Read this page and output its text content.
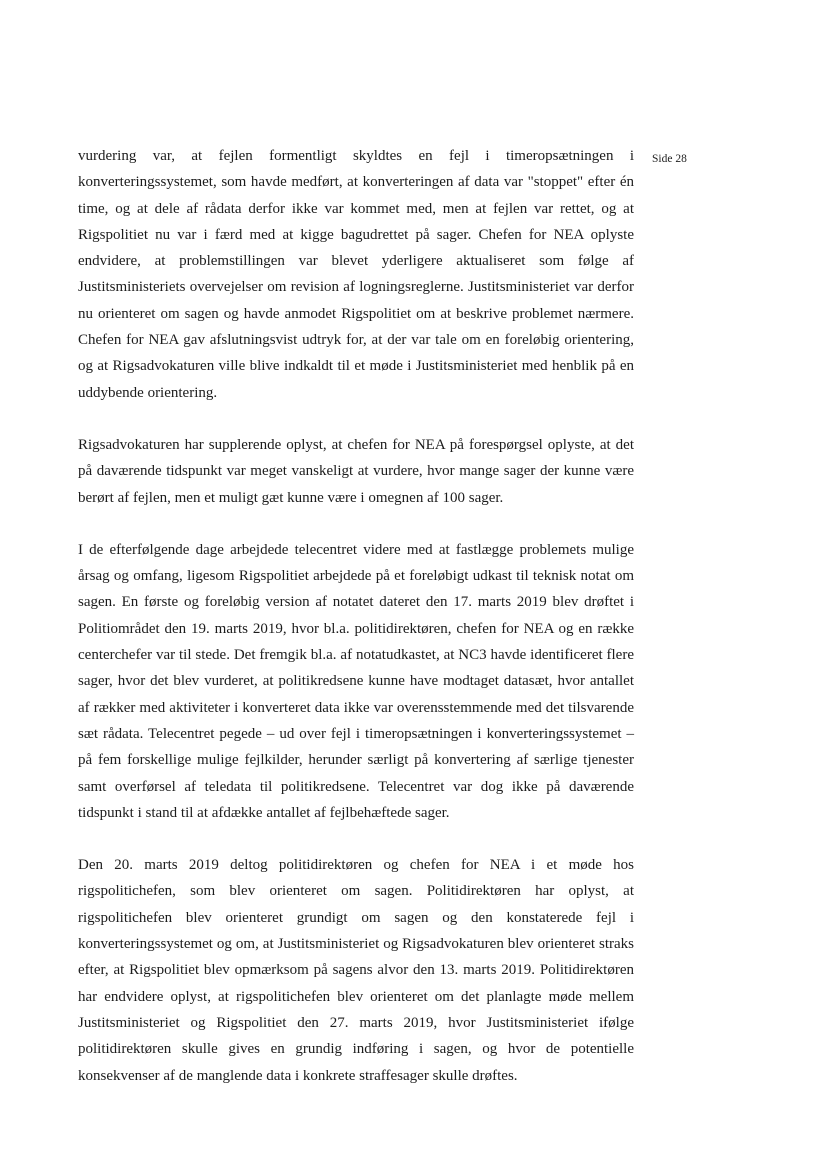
Side 28

vurdering var, at fejlen formentligt skyldtes en fejl i timeropsætningen i konverteringssystemet, som havde medført, at konverteringen af data var "stoppet" efter én time, og at dele af rådata derfor ikke var kommet med, men at fejlen var rettet, og at Rigspolitiet nu var i færd med at kigge bagudrettet på sager. Chefen for NEA oplyste endvidere, at problemstillingen var blevet yderligere aktualiseret som følge af Justitsministeriets overvejelser om revision af logningsreglerne. Justitsministeriet var derfor nu orienteret om sagen og havde anmodet Rigspolitiet om at beskrive problemet nærmere. Chefen for NEA gav afslutningsvist udtryk for, at der var tale om en foreløbig orientering, og at Rigsadvokaturen ville blive indkaldt til et møde i Justitsministeriet med henblik på en uddybende orientering.

Rigsadvokaturen har supplerende oplyst, at chefen for NEA på forespørgsel oplyste, at det på daværende tidspunkt var meget vanskeligt at vurdere, hvor mange sager der kunne være berørt af fejlen, men et muligt gæt kunne være i omegnen af 100 sager.

I de efterfølgende dage arbejdede telecentret videre med at fastlægge problemets mulige årsag og omfang, ligesom Rigspolitiet arbejdede på et foreløbigt udkast til teknisk notat om sagen. En første og foreløbig version af notatet dateret den 17. marts 2019 blev drøftet i Politiområdet den 19. marts 2019, hvor bl.a. politidirektøren, chefen for NEA og en række centerchefer var til stede. Det fremgik bl.a. af notatudkastet, at NC3 havde identificeret flere sager, hvor det blev vurderet, at politikredsene kunne have modtaget datasæt, hvor antallet af rækker med aktiviteter i konverteret data ikke var overensstemmende med det tilsvarende sæt rådata. Telecentret pegede – ud over fejl i timeropsætningen i konverteringssystemet – på fem forskellige mulige fejlkilder, herunder særligt på konvertering af særlige tjenester samt overførsel af teledata til politikredsene. Telecentret var dog ikke på daværende tidspunkt i stand til at afdække antallet af fejlbehæftede sager.

Den 20. marts 2019 deltog politidirektøren og chefen for NEA i et møde hos rigspolitichefen, som blev orienteret om sagen. Politidirektøren har oplyst, at rigspolitichefen blev orienteret grundigt om sagen og den konstaterede fejl i konverteringssystemet og om, at Justitsministeriet og Rigsadvokaturen blev orienteret straks efter, at Rigspolitiet blev opmærksom på sagens alvor den 13. marts 2019. Politidirektøren har endvidere oplyst, at rigspolitichefen blev orienteret om det planlagte møde mellem Justitsministeriet og Rigspolitiet den 27. marts 2019, hvor Justitsministeriet ifølge politidirektøren skulle gives en grundig indføring i sagen, og hvor de potentielle konsekvenser af de manglende data i konkrete straffesager skulle drøftes.
